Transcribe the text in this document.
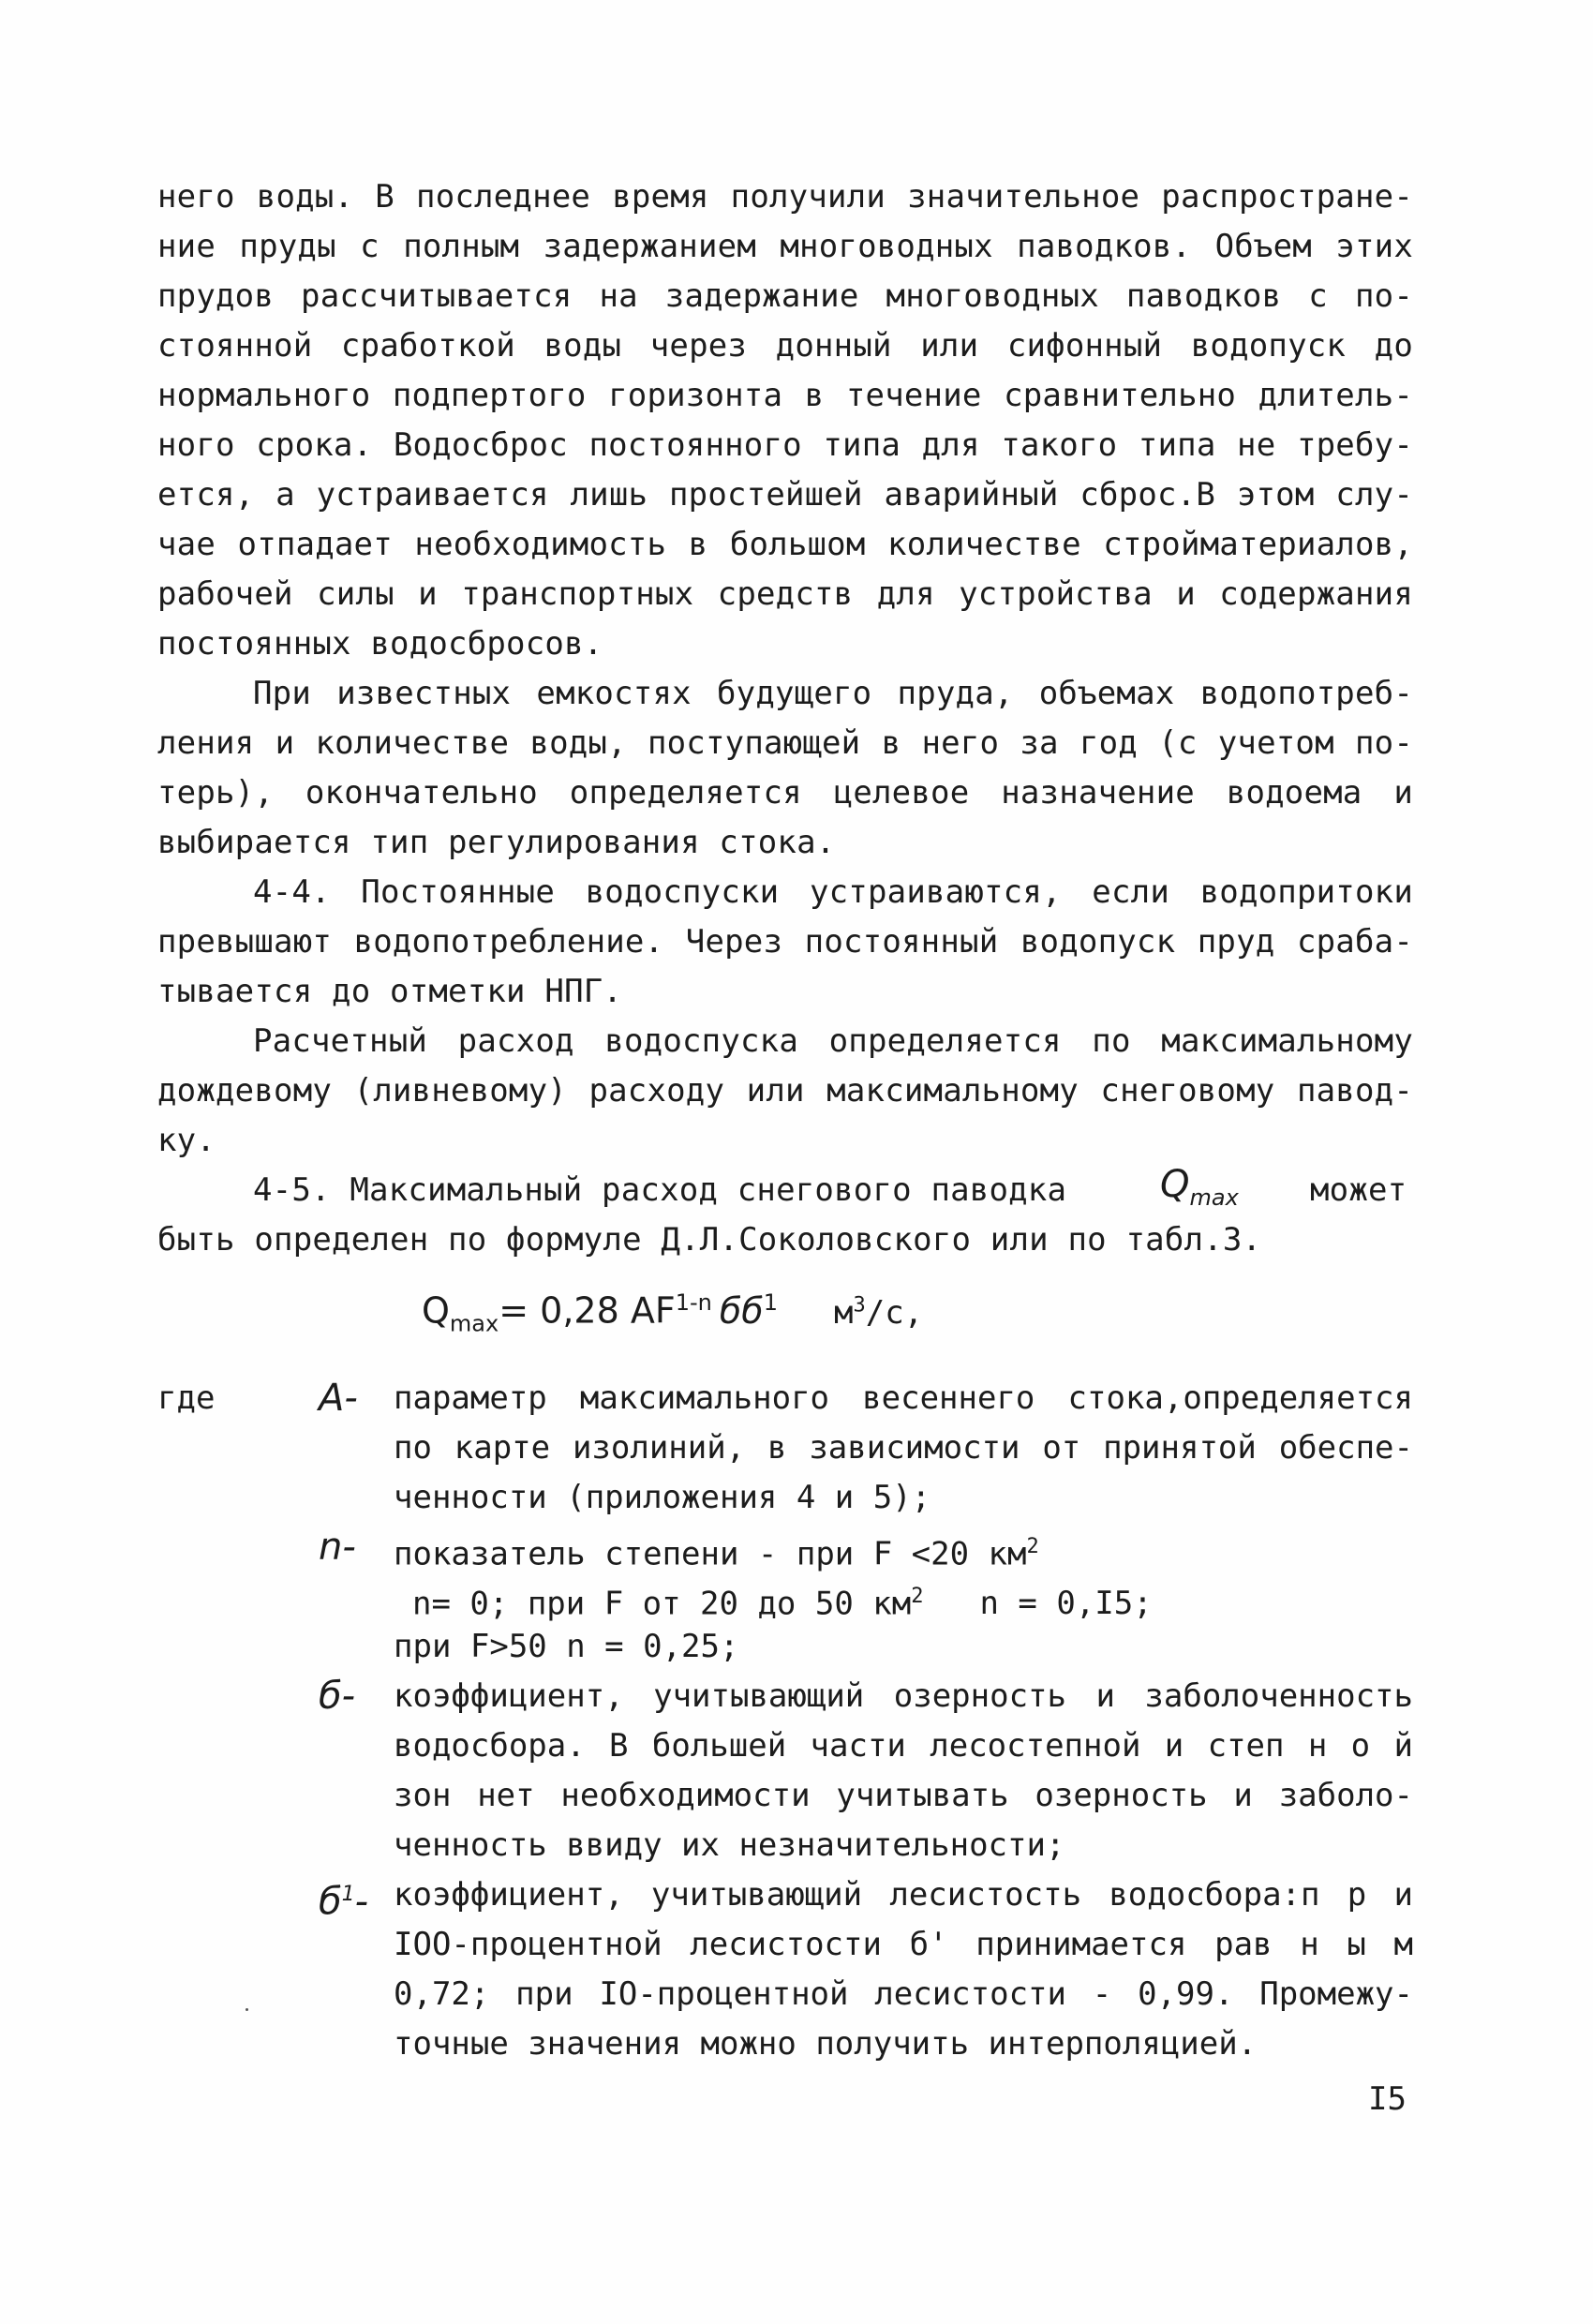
него воды. В последнее время получили значительное распростране-
ние пруды с полным задержанием многоводных паводков. Объем этих
прудов рассчитывается на задержание многоводных паводков с по-
стоянной сработкой воды через донный или сифонный водопуск до
нормального подпертого горизонта в течение сравнительно длитель-
ного срока. Водосброс постоянного типа для такого типа не требу-
ется, а устраивается лишь простейшей аварийный сброс.В этом слу-
чае отпадает необходимость в большом количестве стройматериалов,
рабочей силы и транспортных средств для устройства и содержания
постоянных водосбросов.
При известных емкостях будущего пруда, объемах водопотреб-
ления и количестве воды, поступающей в него за год (с учетом по-
терь), окончательно определяется целевое назначение водоема и
выбирается тип регулирования стока.
4-4. Постоянные водоспуски устраиваются, если водопритоки
превышают водопотребление. Через постоянный водопуск пруд сраба-
тывается до отметки НПГ.
Расчетный расход водоспуска определяется по максимальному
дождевому (ливневому) расходу или максимальному снеговому павод-
ку.
4-5. Максимальный расход снегового паводка	$Q_{max}$ может
быть определен по формуле Д.Л.Соколовского или по табл.3.
$Q_{max}= 0,28$ AF$^{1-n}$ $бб^1$ $м^3/с$,
где	A- параметр максимального весеннего стока,определяется
по карте изолиний, в зависимости от принятой обеспе-
ченности (приложения 4 и 5);
n- показатель степени - при F <20 $км^2$
n= 0; при F от 20 до 50 $км^2$ n = 0,I5;
при F>50 n = 0,25;
б- коэффициент, учитывающий озерность и заболоченность
водосбора. В большей части лесостепной и степ н о й
зон нет необходимости учитывать озерность и заболо-
ченность ввиду их незначительности;
$б^1-$ коэффициент, учитывающий лесистость водосбора:п р и
IOO-процентной лесистости б' принимается рав н ы м
0,72; при IO-процентной лесистости - 0,99. Промежу-
точные значения можно получить интерполяцией.
I5
